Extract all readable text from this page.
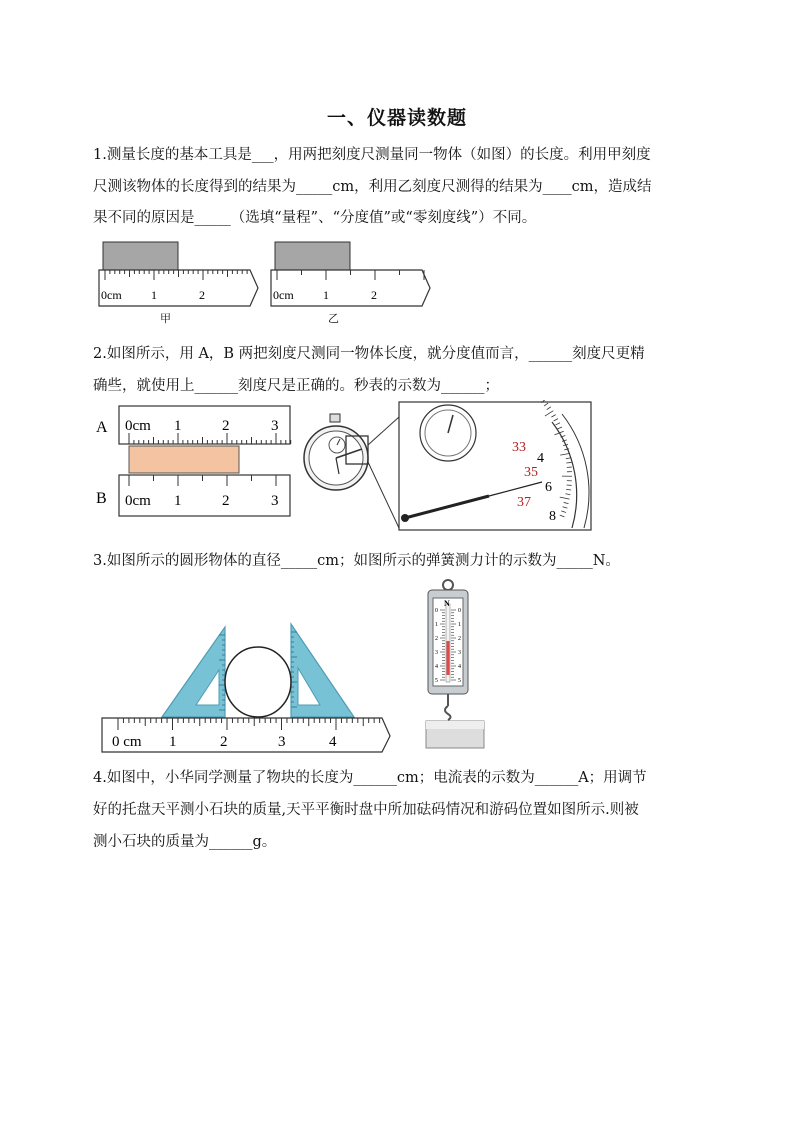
一、仪器读数题
1.测量长度的基本工具是___，用两把刻度尺测量同一物体（如图）的长度。利用甲刻度
尺测该物体的长度得到的结果为_____cm，利用乙刻度尺测得的结果为____cm，造成结
果不同的原因是_____（选填“量程”、“分度值”或“零刻度线”）不同。
0cm 1	2	0cm 1	2
甲	乙
2.如图所示，用 A，B 两把刻度尺测同一物体长度，就分度值而言，______刻度尺更精
确些，就使用上______刻度尺是正确的。秒表的示数为______；
A
B
0cm 1	2	3
0cm 1	2	3
33
35
37
4
6
8
3.如图所示的圆形物体的直径_____cm；如图所示的弹簧测力计的示数为_____N。
0 cm 1	2	3	4
N
0
1
2
3
4
5
0
1
2
3
4
5
4.如图中，小华同学测量了物块的长度为______cm；电流表的示数为______A；用调节
好的托盘天平测小石块的质量,天平平衡时盘中所加砝码情况和游码位置如图所示.则被
测小石块的质量为______g。
